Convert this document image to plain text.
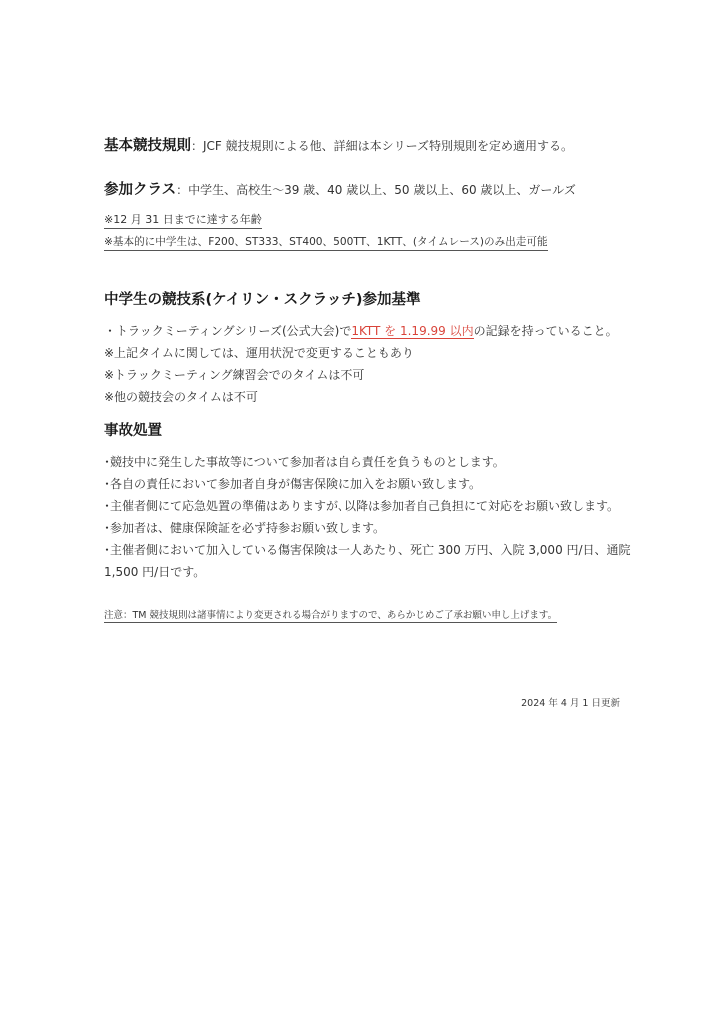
基本競技規則：JCF 競技規則による他、詳細は本シリーズ特別規則を定め適用する。
参加クラス：中学生、高校生～39 歳、40 歳以上、50 歳以上、60 歳以上、ガールズ
※12 月 31 日までに達する年齢
※基本的に中学生は、F200、ST333、ST400、500TT、1KTT、(タイムレース)のみ出走可能
中学生の競技系(ケイリン・スクラッチ)参加基準
・トラックミーティングシリーズ(公式大会)で1KTT を 1.19.99 以内の記録を持っていること。
※上記タイムに関しては、運用状況で変更することもあり
※トラックミーティング練習会でのタイムは不可
※他の競技会のタイムは不可
事故処置
･競技中に発生した事故等について参加者は自ら責任を負うものとします。
･各自の責任において参加者自身が傷害保険に加入をお願い致します。
･主催者側にて応急処置の準備はありますが､以降は参加者自己負担にて対応をお願い致します。
･参加者は、健康保険証を必ず持参お願い致します。
･主催者側において加入している傷害保険は一人あたり、死亡 300 万円、入院 3,000 円/日、通院
1,500 円/日です。
注意：TM 競技規則は諸事情により変更される場合がりますので、あらかじめご了承お願い申し上げます。
2024 年 4 月 1 日更新
